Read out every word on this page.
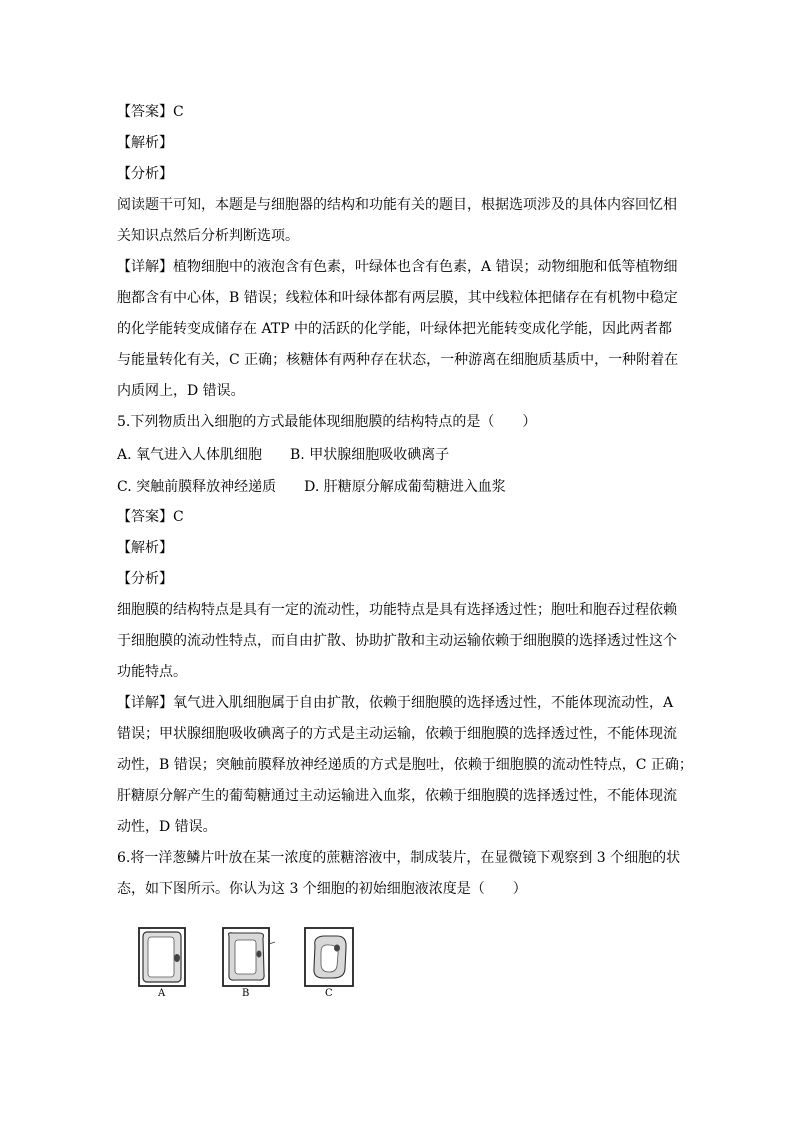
【答案】C
【解析】
【分析】
阅读题干可知，本题是与细胞器的结构和功能有关的题目，根据选项涉及的具体内容回忆相
关知识点然后分析判断选项。
【详解】植物细胞中的液泡含有色素，叶绿体也含有色素，A 错误；动物细胞和低等植物细
胞都含有中心体，B 错误；线粒体和叶绿体都有两层膜，其中线粒体把储存在有机物中稳定
的化学能转变成储存在 ATP 中的活跃的化学能，叶绿体把光能转变成化学能，因此两者都
与能量转化有关，C 正确；核糖体有两种存在状态，一种游离在细胞质基质中，一种附着在
内质网上，D 错误。
5.下列物质出入细胞的方式最能体现细胞膜的结构特点的是（　　）
A. 氧气进入人体肌细胞　　B. 甲状腺细胞吸收碘离子
C. 突触前膜释放神经递质　　D. 肝糖原分解成葡萄糖进入血浆
【答案】C
【解析】
【分析】
细胞膜的结构特点是具有一定的流动性，功能特点是具有选择透过性；胞吐和胞吞过程依赖
于细胞膜的流动性特点，而自由扩散、协助扩散和主动运输依赖于细胞膜的选择透过性这个
功能特点。
【详解】氧气进入肌细胞属于自由扩散，依赖于细胞膜的选择透过性，不能体现流动性，A
错误；甲状腺细胞吸收碘离子的方式是主动运输，依赖于细胞膜的选择透过性，不能体现流
动性，B 错误；突触前膜释放神经递质的方式是胞吐，依赖于细胞膜的流动性特点，C 正确；
肝糖原分解产生的葡萄糖通过主动运输进入血浆，依赖于细胞膜的选择透过性，不能体现流
动性，D 错误。
6.将一洋葱鳞片叶放在某一浓度的蔗糖溶液中，制成装片，在显微镜下观察到 3 个细胞的状
态，如下图所示。你认为这 3 个细胞的初始细胞液浓度是（　　）
A	B	C
